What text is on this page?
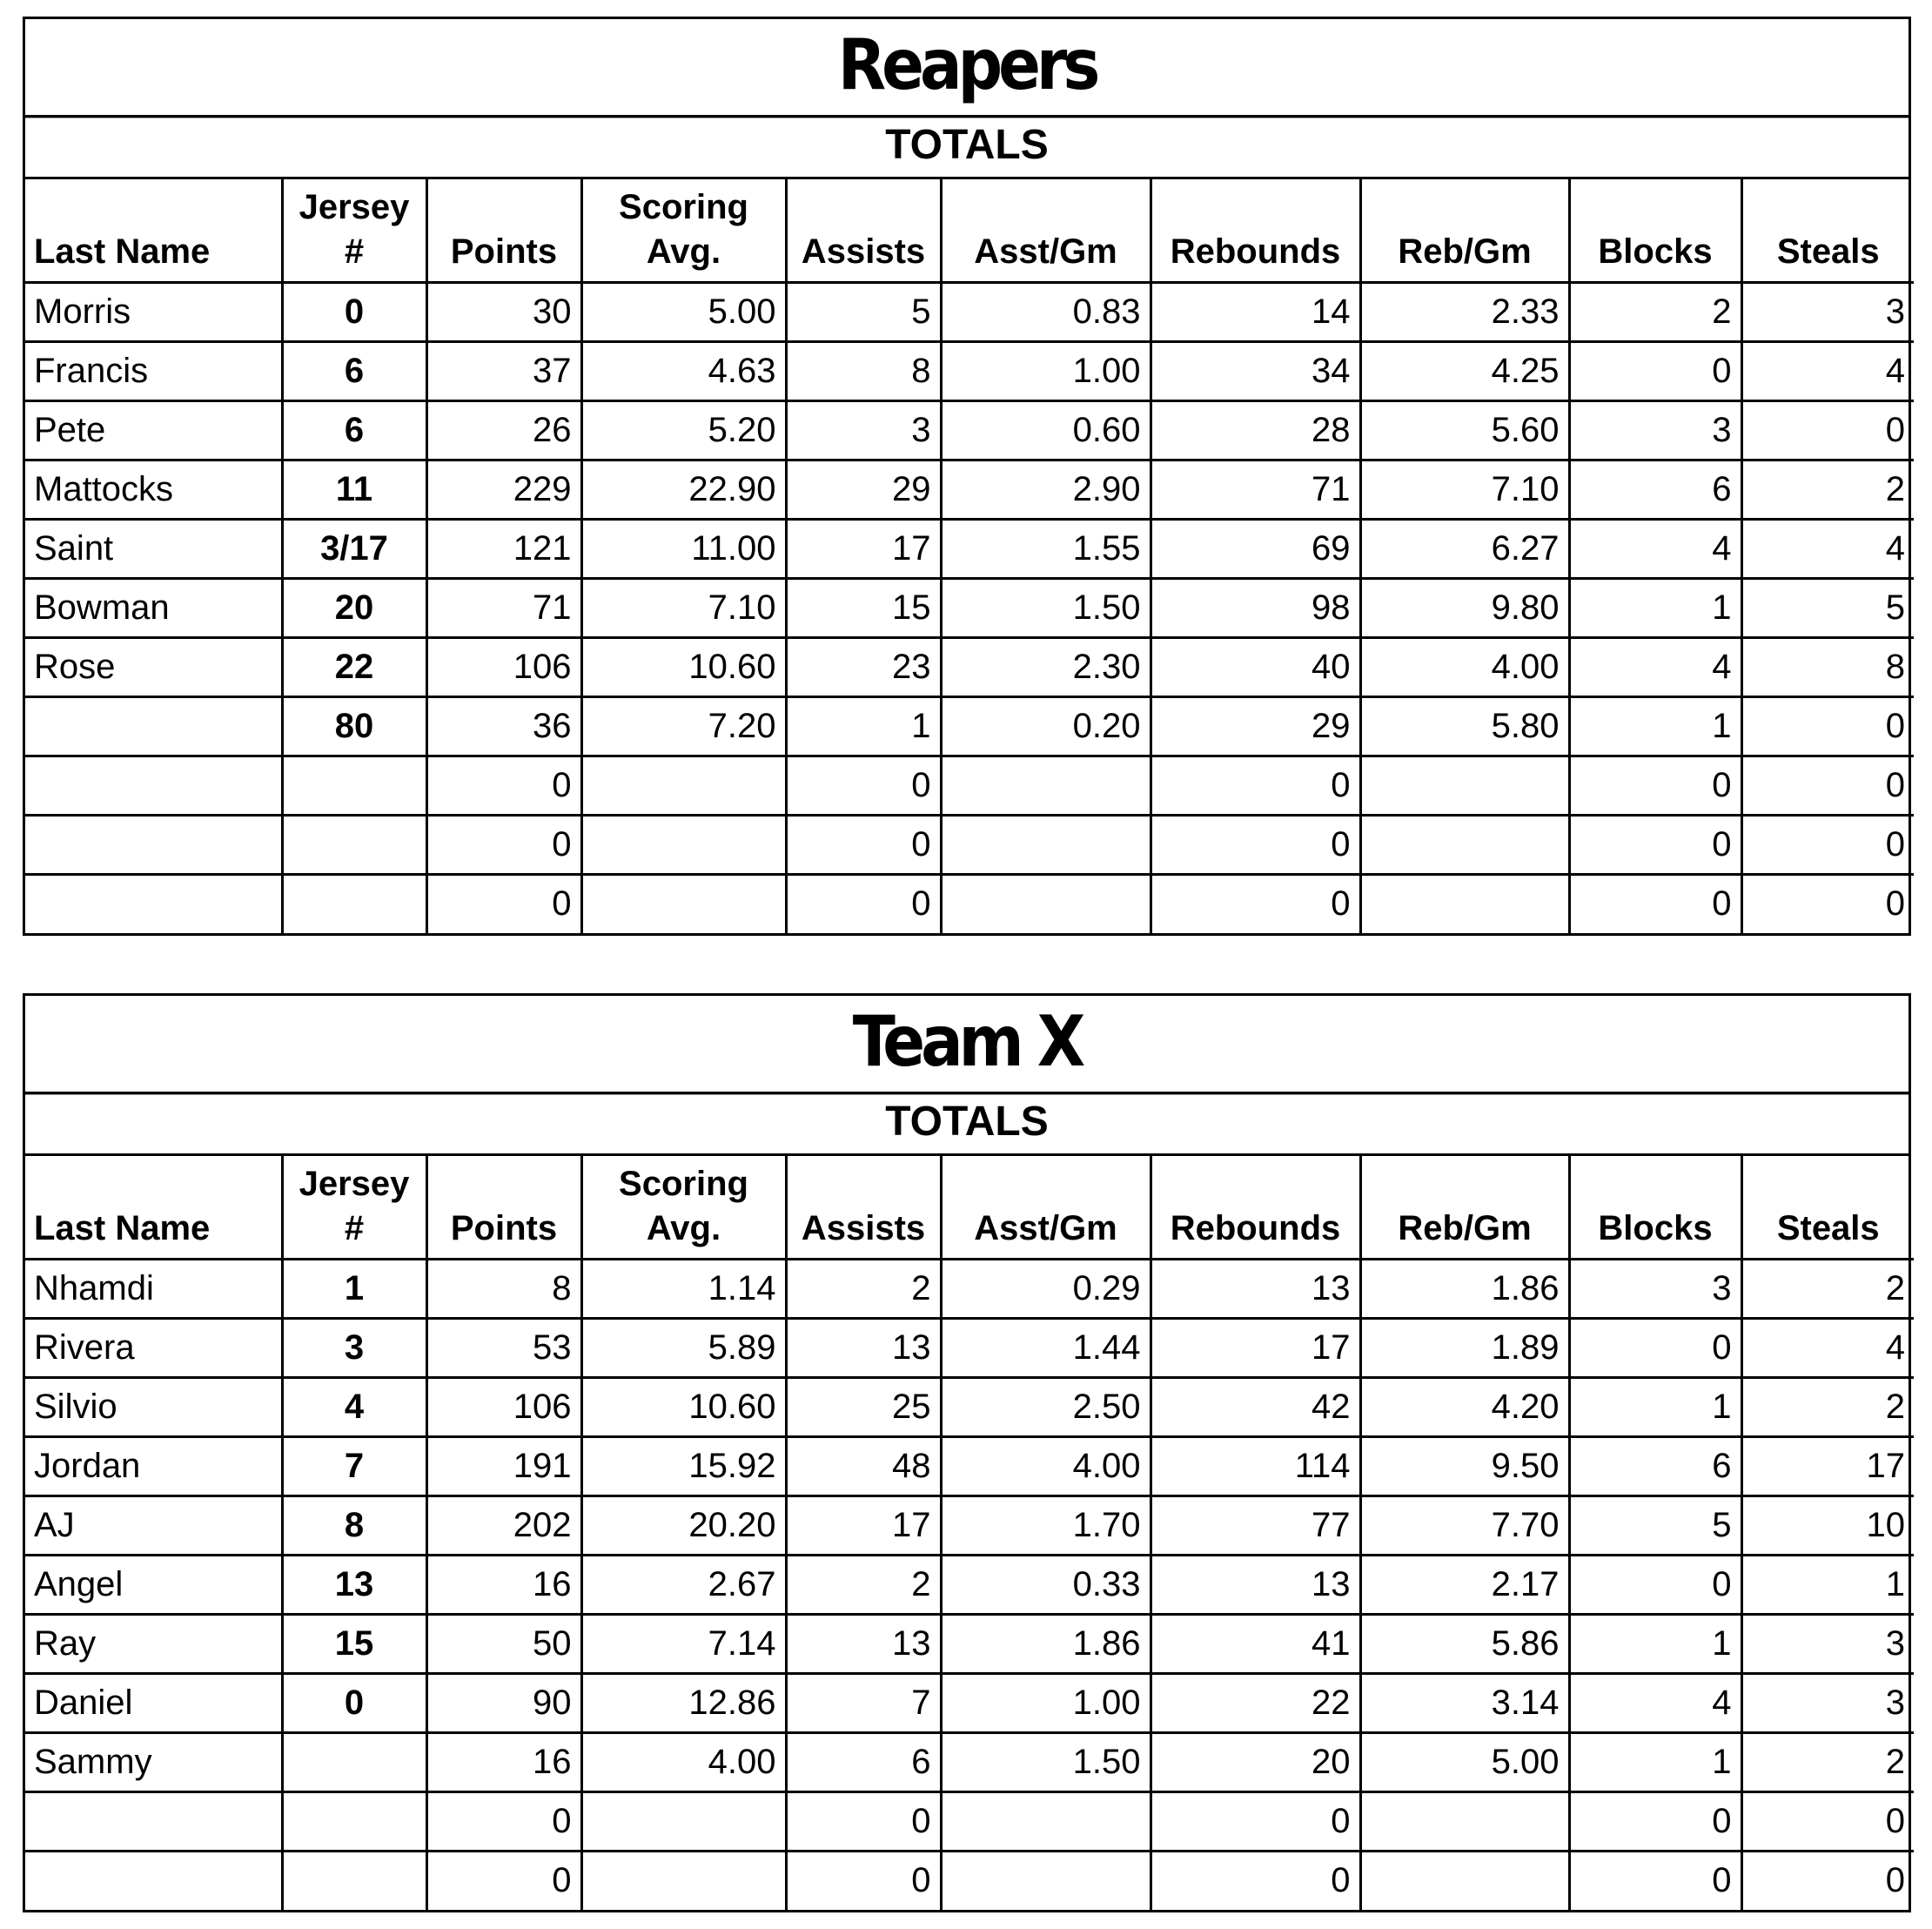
Reapers
TOTALS
Last Name	Jersey #	Points	Scoring Avg.	Assists	Asst/Gm	Rebounds	Reb/Gm	Blocks	Steals
Morris	0	30	5.00	5	0.83	14	2.33	2	3
Francis	6	37	4.63	8	1.00	34	4.25	0	4
Pete	6	26	5.20	3	0.60	28	5.60	3	0
Mattocks	11	229	22.90	29	2.90	71	7.10	6	2
Saint	3/17	121	11.00	17	1.55	69	6.27	4	4
Bowman	20	71	7.10	15	1.50	98	9.80	1	5
Rose	22	106	10.60	23	2.30	40	4.00	4	8
	80	36	7.20	1	0.20	29	5.80	1	0
		0		0		0		0	0
		0		0		0		0	0
		0		0		0		0	0
Team X
TOTALS
Last Name	Jersey #	Points	Scoring Avg.	Assists	Asst/Gm	Rebounds	Reb/Gm	Blocks	Steals
Nhamdi	1	8	1.14	2	0.29	13	1.86	3	2
Rivera	3	53	5.89	13	1.44	17	1.89	0	4
Silvio	4	106	10.60	25	2.50	42	4.20	1	2
Jordan	7	191	15.92	48	4.00	114	9.50	6	17
AJ	8	202	20.20	17	1.70	77	7.70	5	10
Angel	13	16	2.67	2	0.33	13	2.17	0	1
Ray	15	50	7.14	13	1.86	41	5.86	1	3
Daniel	0	90	12.86	7	1.00	22	3.14	4	3
Sammy		16	4.00	6	1.50	20	5.00	1	2
		0		0		0		0	0
		0		0		0		0	0
